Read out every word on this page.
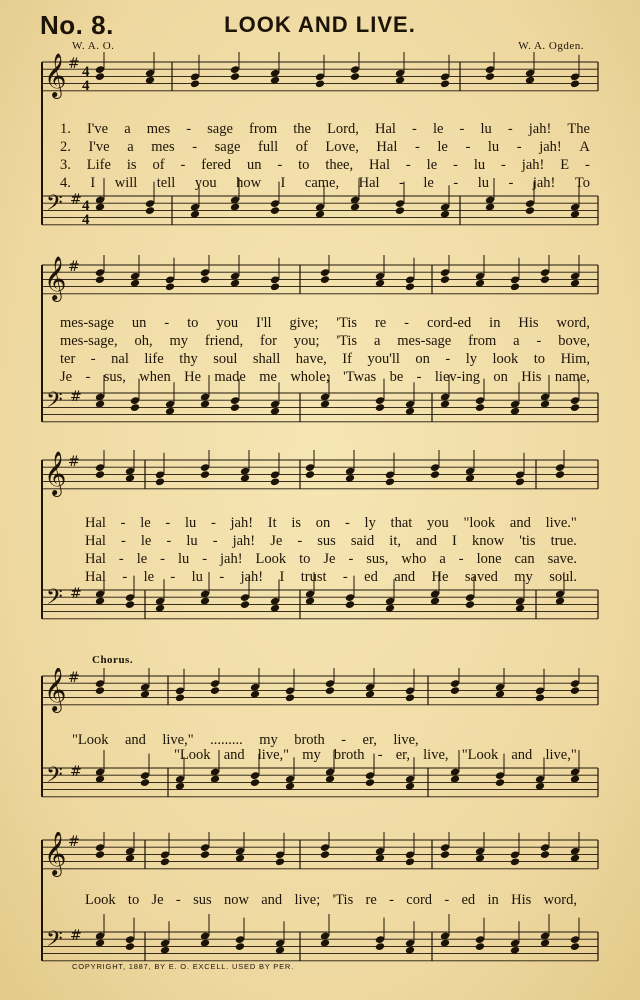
No. 8.	LOOK AND LIVE.
W. A. O.	W. A. Ogden.
𝄞 # 4
4
𝄢 # 4
4
1. I've a mes - sage from the Lord, Hal - le - lu - jah! The
2. I've a mes - sage full of Love, Hal - le - lu - jah! A
3. Life is of - fered un - to thee, Hal - le - lu - jah! E -
4. I will tell you how I came, Hal - le - lu - jah! To
𝄞 #
𝄢 #
mes-sage un - to you I'll give; 'Tis re - cord-ed in His word,
mes-sage, oh, my friend, for you; 'Tis a mes-sage from a - bove,
ter - nal life thy soul shall have, If you'll on - ly look to Him,
Je - sus, when He made me whole; 'Twas be - liev-ing on His name,
𝄞 #
𝄢 #
Hal - le - lu - jah! It is on - ly that you "look and live."
Hal - le - lu - jah! Je - sus said it, and I know 'tis true.
Hal - le - lu - jah! Look to Je - sus, who a - lone can save.
Hal - le - lu - jah! I trust - ed and He saved my soul.
Chorus.
𝄞 #
𝄢 #
"Look and live," ......... my broth - er, live,
"Look and live," my broth - er, live, "Look and live,"
𝄞 #
𝄢 #
Look to Je - sus now and live; 'Tis re - cord - ed in His word,
COPYRIGHT, 1887, BY E. O. EXCELL. USED BY PER.
